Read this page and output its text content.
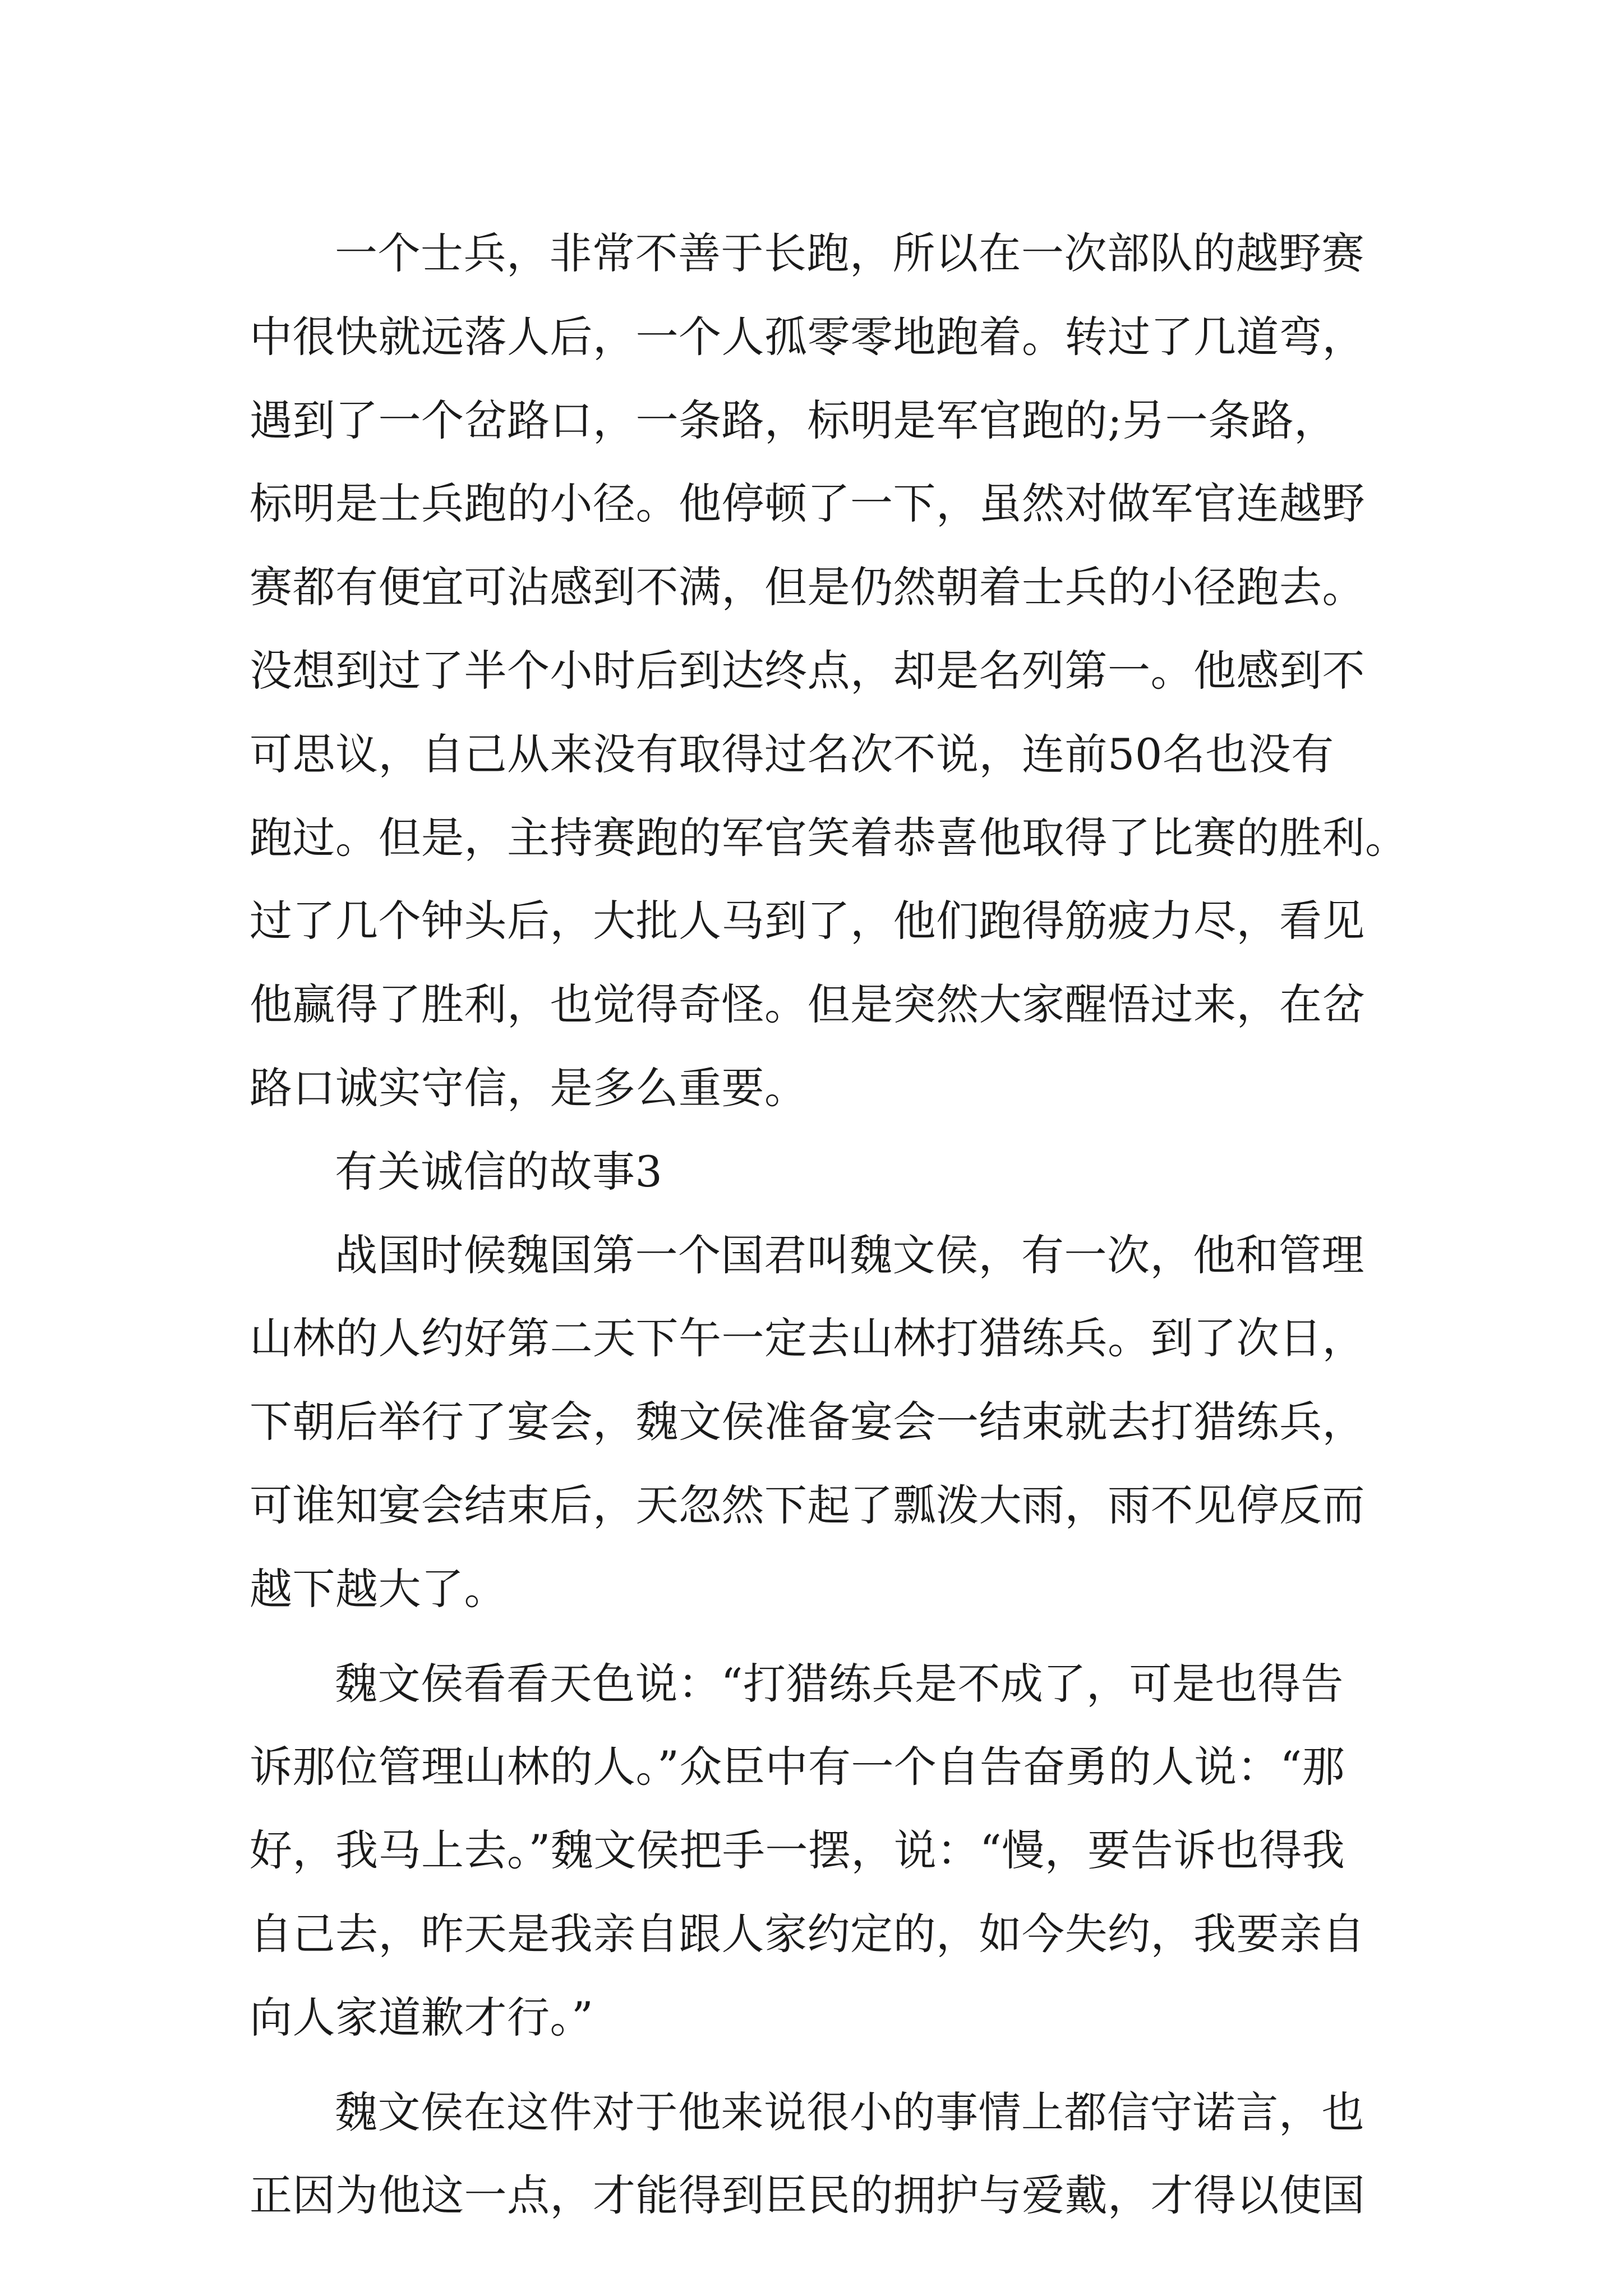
一个士兵，非常不善于长跑，所以在一次部队的越野赛
中很快就远落人后，一个人孤零零地跑着。转过了几道弯，
遇到了一个岔路口，一条路，标明是军官跑的;另一条路，
标明是士兵跑的小径。他停顿了一下，虽然对做军官连越野
赛都有便宜可沾感到不满，但是仍然朝着士兵的小径跑去。
没想到过了半个小时后到达终点，却是名列第一。他感到不
可思议，自己从来没有取得过名次不说，连前50名也没有
跑过。但是，主持赛跑的军官笑着恭喜他取得了比赛的胜利。
过了几个钟头后，大批人马到了，他们跑得筋疲力尽，看见
他赢得了胜利，也觉得奇怪。但是突然大家醒悟过来，在岔
路口诚实守信，是多么重要。
有关诚信的故事3
战国时候魏国第一个国君叫魏文侯，有一次，他和管理
山林的人约好第二天下午一定去山林打猎练兵。到了次日，
下朝后举行了宴会，魏文侯准备宴会一结束就去打猎练兵，
可谁知宴会结束后，天忽然下起了瓢泼大雨，雨不见停反而
越下越大了。
魏文侯看看天色说：“打猎练兵是不成了，可是也得告
诉那位管理山林的人。”众臣中有一个自告奋勇的人说：“那
好，我马上去。”魏文侯把手一摆，说：“慢，要告诉也得我
自己去，昨天是我亲自跟人家约定的，如今失约，我要亲自
向人家道歉才行。”
魏文侯在这件对于他来说很小的事情上都信守诺言，也
正因为他这一点，才能得到臣民的拥护与爱戴，才得以使国
